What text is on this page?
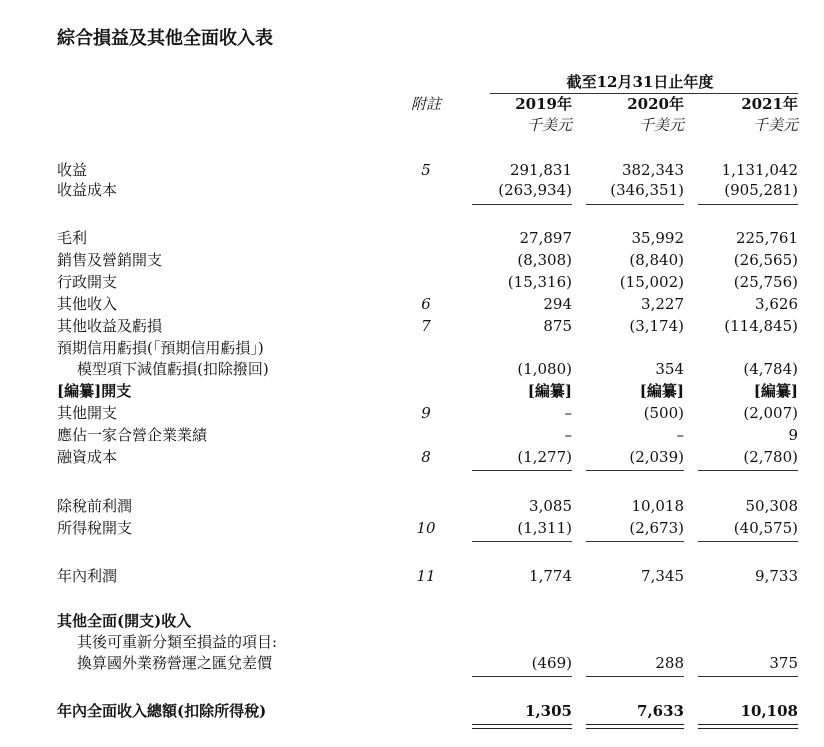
綜合損益及其他全面收入表
截至12月31日止年度
附註	2019年	2020年	2021年
千美元	千美元	千美元
收益	5	291,831	382,343	1,131,042
收益成本	(263,934)	(346,351)	(905,281)
毛利	27,897	35,992	225,761
銷售及營銷開支	(8,308)	(8,840)	(26,565)
行政開支	(15,316)	(15,002)	(25,756)
其他收入	6	294	3,227	3,626
其他收益及虧損	7	875	(3,174)	(114,845)
預期信用虧損(「預期信用虧損」)
模型項下減值虧損(扣除撥回)	(1,080)	354	(4,784)
[編纂]開支	[編纂]	[編纂]	[編纂]
其他開支	9	–	(500)	(2,007)
應佔一家合營企業業績	–	–	9
融資成本	8	(1,277)	(2,039)	(2,780)
除稅前利潤	3,085	10,018	50,308
所得稅開支	10	(1,311)	(2,673)	(40,575)
年內利潤	11	1,774	7,345	9,733
其他全面(開支)收入
其後可重新分類至損益的項目:
換算國外業務營運之匯兌差價	(469)	288	375
年內全面收入總額(扣除所得稅)	1,305	7,633	10,108
